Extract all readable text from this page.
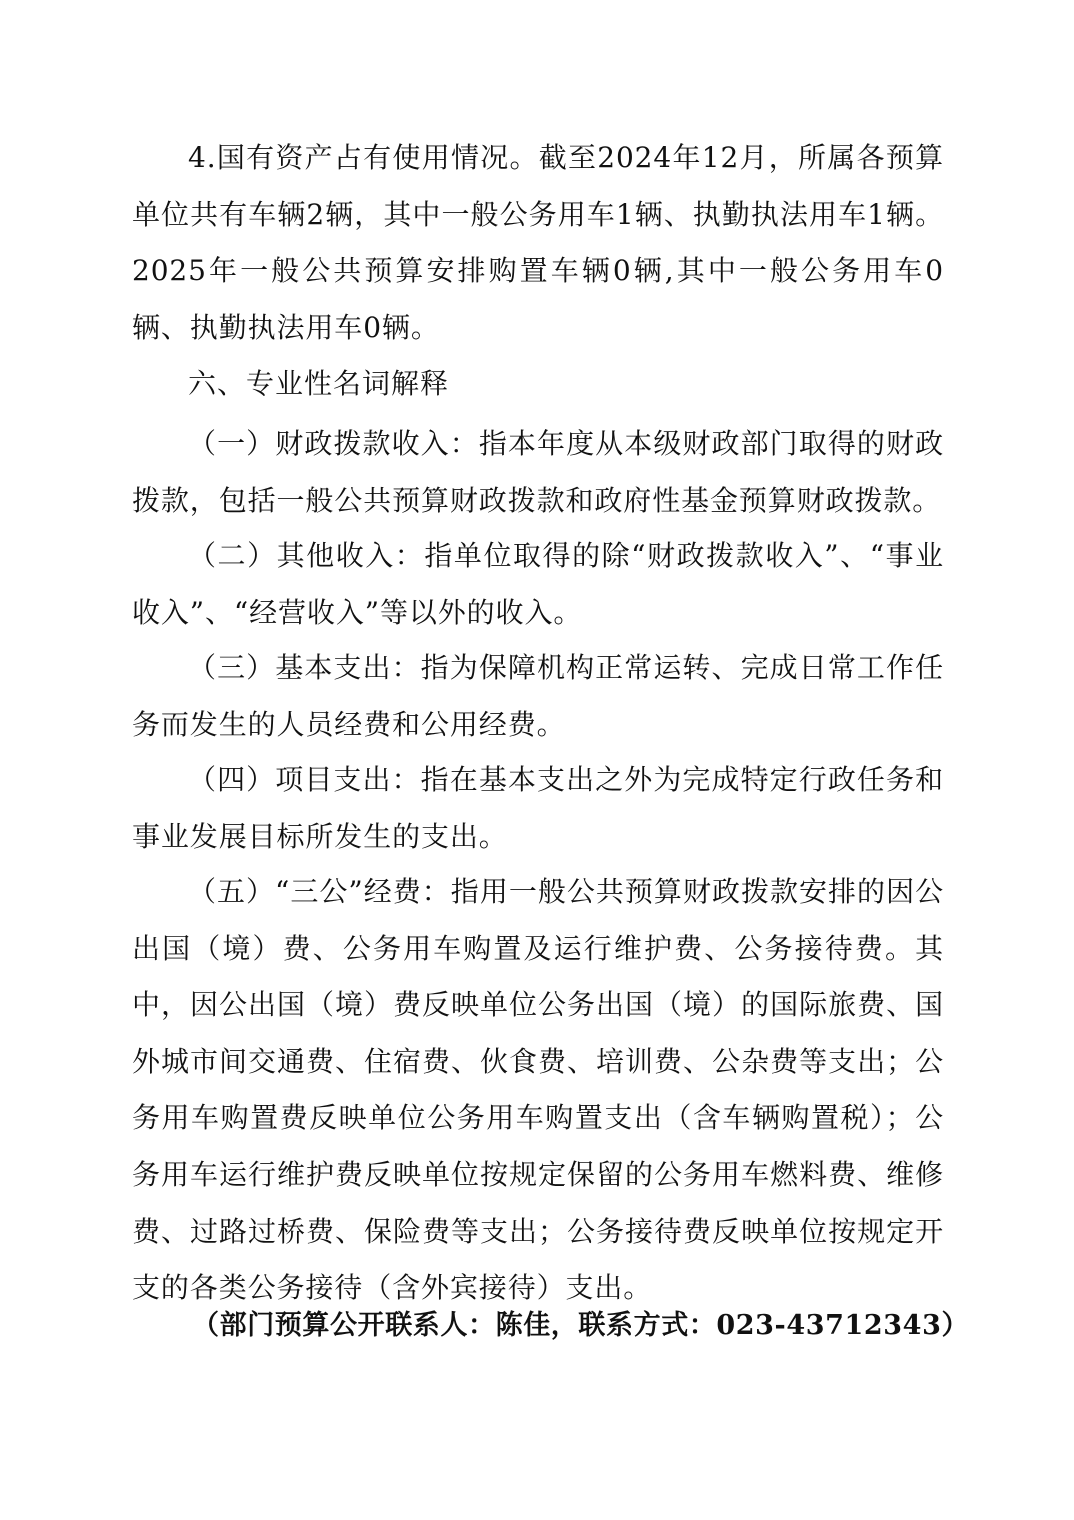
4.国有资产占有使用情况。截至2024年12月，所属各预算单位共有车辆2辆，其中一般公务用车1辆、执勤执法用车1辆。2025年一般公共预算安排购置车辆0辆,其中一般公务用车0辆、执勤执法用车0辆。

六、专业性名词解释

（一）财政拨款收入：指本年度从本级财政部门取得的财政拨款，包括一般公共预算财政拨款和政府性基金预算财政拨款。

（二）其他收入：指单位取得的除“财政拨款收入”、“事业收入”、“经营收入”等以外的收入。

（三）基本支出：指为保障机构正常运转、完成日常工作任务而发生的人员经费和公用经费。

（四）项目支出：指在基本支出之外为完成特定行政任务和事业发展目标所发生的支出。

（五）“三公”经费：指用一般公共预算财政拨款安排的因公出国（境）费、公务用车购置及运行维护费、公务接待费。其中，因公出国（境）费反映单位公务出国（境）的国际旅费、国外城市间交通费、住宿费、伙食费、培训费、公杂费等支出；公务用车购置费反映单位公务用车购置支出（含车辆购置税）；公务用车运行维护费反映单位按规定保留的公务用车燃料费、维修费、过路过桥费、保险费等支出；公务接待费反映单位按规定开支的各类公务接待（含外宾接待）支出。

（部门预算公开联系人：陈佳，联系方式：023-43712343）
